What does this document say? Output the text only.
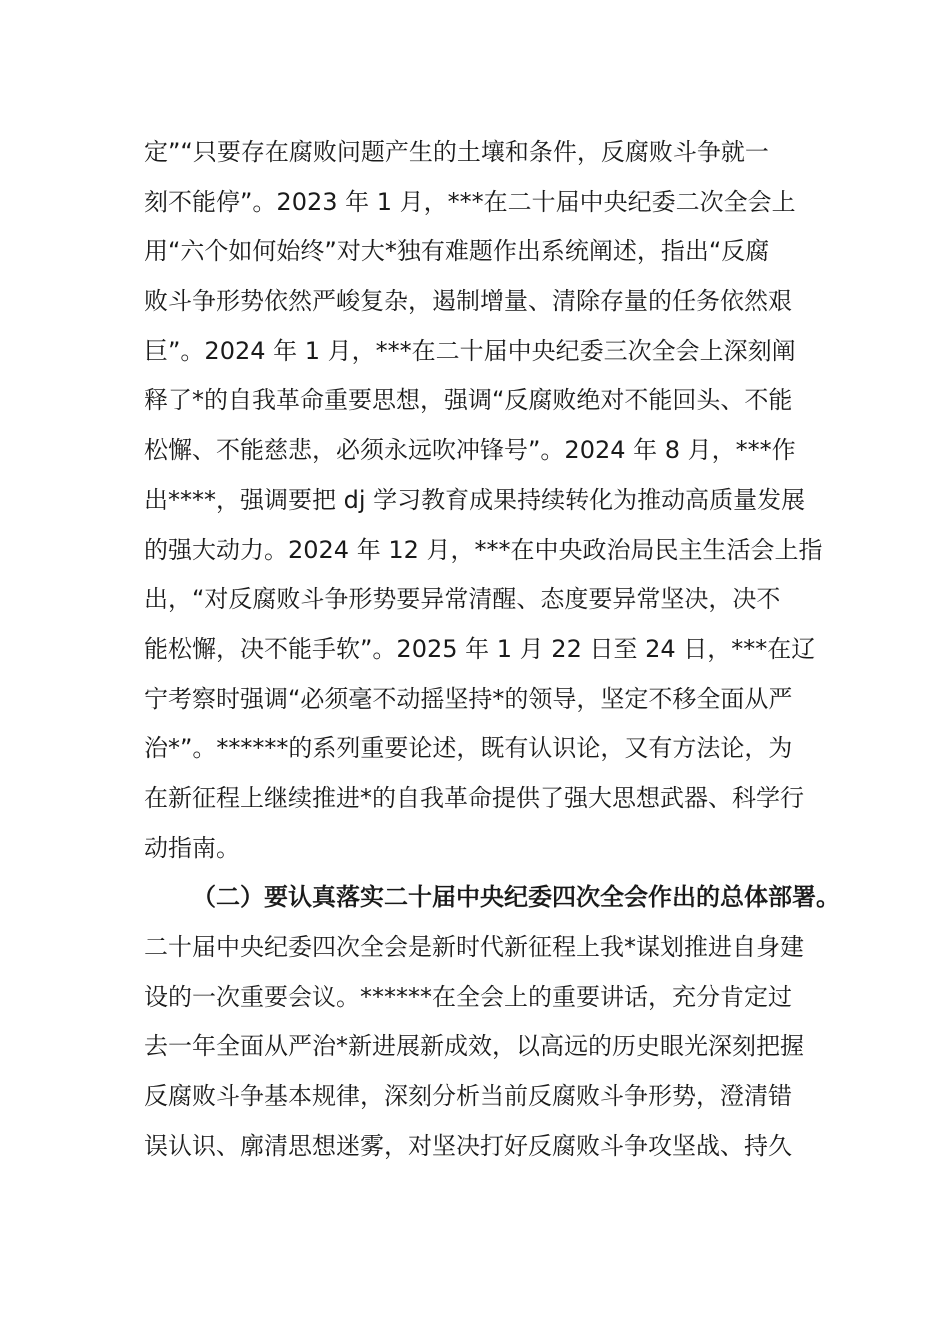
定”“只要存在腐败问题产生的土壤和条件，反腐败斗争就一
刻不能停”。2023 年 1 月，***在二十届中央纪委二次全会上
用“六个如何始终”对大*独有难题作出系统阐述，指出“反腐
败斗争形势依然严峻复杂，遏制增量、清除存量的任务依然艰
巨”。2024 年 1 月，***在二十届中央纪委三次全会上深刻阐
释了*的自我革命重要思想，强调“反腐败绝对不能回头、不能
松懈、不能慈悲，必须永远吹冲锋号”。2024 年 8 月，***作
出****，强调要把 dj 学习教育成果持续转化为推动高质量发展
的强大动力。2024 年 12 月，***在中央政治局民主生活会上指
出，“对反腐败斗争形势要异常清醒、态度要异常坚决，决不
能松懈，决不能手软”。2025 年 1 月 22 日至 24 日，***在辽
宁考察时强调“必须毫不动摇坚持*的领导，坚定不移全面从严
治*”。******的系列重要论述，既有认识论，又有方法论，为
在新征程上继续推进*的自我革命提供了强大思想武器、科学行
动指南。
（二）要认真落实二十届中央纪委四次全会作出的总体部署。
二十届中央纪委四次全会是新时代新征程上我*谋划推进自身建
设的一次重要会议。******在全会上的重要讲话，充分肯定过
去一年全面从严治*新进展新成效，以高远的历史眼光深刻把握
反腐败斗争基本规律，深刻分析当前反腐败斗争形势，澄清错
误认识、廓清思想迷雾，对坚决打好反腐败斗争攻坚战、持久
